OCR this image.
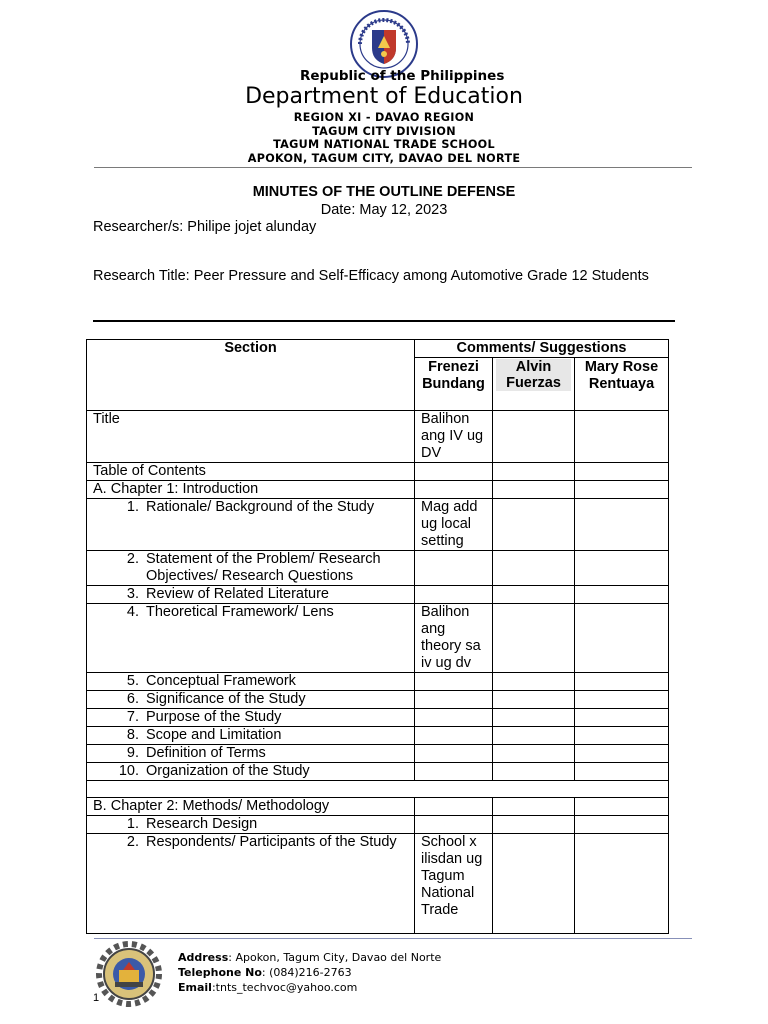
Republic of the Philippines

Department of Education

REGION XI - DAVAO REGION

TAGUM CITY DIVISION

TAGUM NATIONAL TRADE SCHOOL

APOKON, TAGUM CITY, DAVAO DEL NORTE

MINUTES OF THE OUTLINE DEFENSE
Date: May 12, 2023
Researcher/s: Philipe jojet alunday
Research Title: Peer Pressure and Self-Efficacy among Automotive Grade 12 Students
Section	Comments/ Suggestions		
	Frenezi Bundang	Alvin Fuerzas	Mary Rose Rentuaya
Title	Balihon ang IV ug DV		
Table of Contents			
A. Chapter 1: Introduction			

1. Rationale/ Background of the Study	Mag add ug local setting		

2. Statement of the Problem/ Research Objectives/ Research Questions			

3. Review of Related Literature			

4. Theoretical Framework/ Lens	Balihon ang theory sa iv ug dv		

5. Conceptual Framework			

6. Significance of the Study			

7. Purpose of the Study			

8. Scope and Limitation			

9. Definition of Terms			

10. Organization of the Study			

B. Chapter 2: Methods/ Methodology			

1. Research Design			

2. Respondents/ Participants of the Study	School x ilisdan ug Tagum National Trade		
Address: Apokon, Tagum City, Davao del Norte
Telephone No: (084)216-2763
Email:tnts_techvoc@yahoo.com
1
